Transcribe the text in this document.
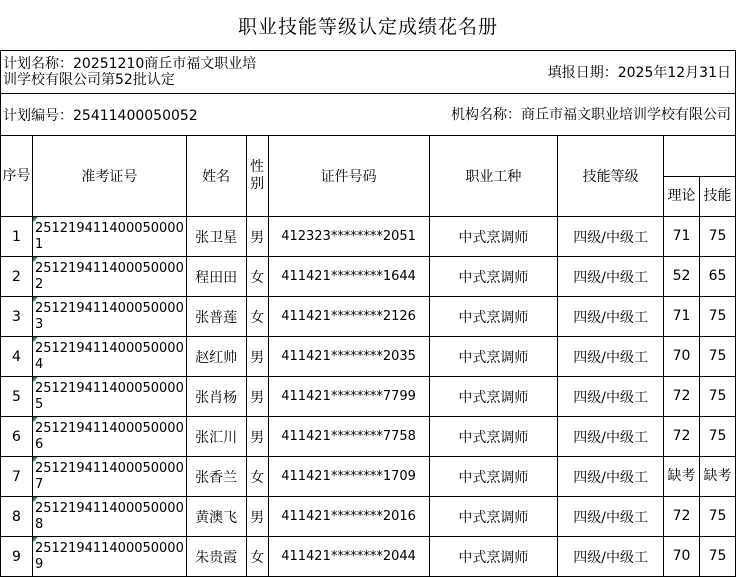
职业技能等级认定成绩花名册
计划名称：20251210商丘市福文职业培训学校有限公司第52批认定				填报日期：2025年12月31日				
计划编号：25411400050052				机构名称：商丘市福文职业培训学校有限公司				
序号	准考证号	姓名	性别	证件号码	职业工种	技能等级		
							理论	技能
1	2512194114000500001	张卫星	男	412323********2051	中式烹调师	四级/中级工	71	75
2	2512194114000500002	程田田	女	411421********1644	中式烹调师	四级/中级工	52	65
3	2512194114000500003	张普莲	女	411421********2126	中式烹调师	四级/中级工	71	75
4	2512194114000500004	赵红帅	男	411421********2035	中式烹调师	四级/中级工	70	75
5	2512194114000500005	张肖杨	男	411421********7799	中式烹调师	四级/中级工	72	75
6	2512194114000500006	张汇川	男	411421********7758	中式烹调师	四级/中级工	72	75
7	2512194114000500007	张香兰	女	411421********1709	中式烹调师	四级/中级工	缺考	缺考
8	2512194114000500008	黄澳飞	男	411421********2016	中式烹调师	四级/中级工	72	75
9	2512194114000500009	朱贵霞	女	411421********2044	中式烹调师	四级/中级工	70	75
